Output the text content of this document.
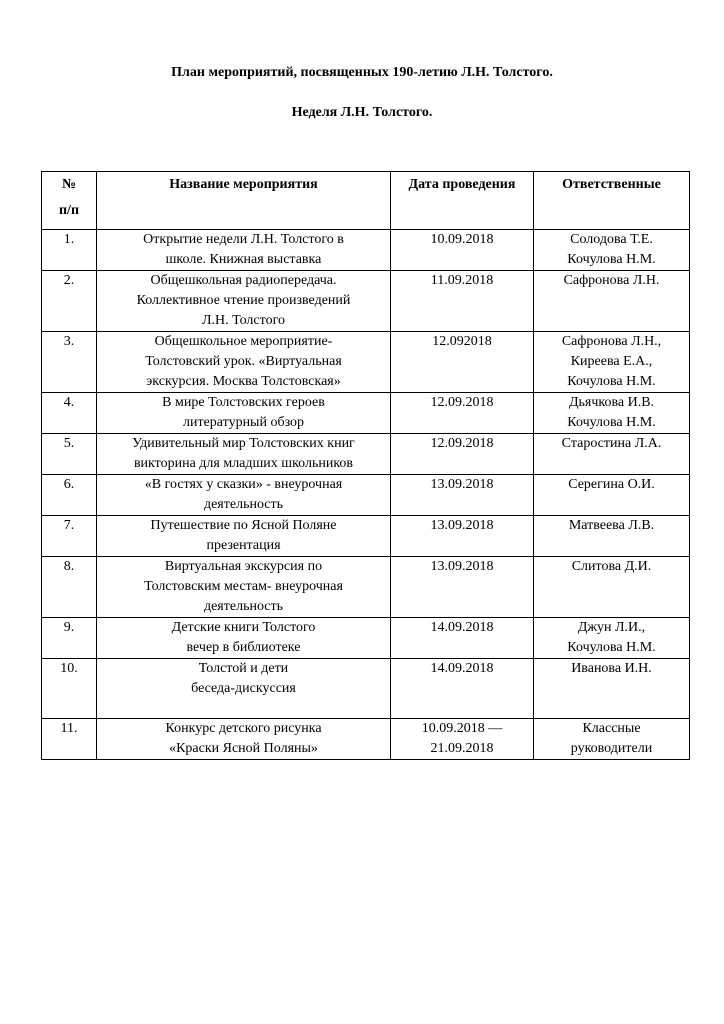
План мероприятий, посвященных 190-летию Л.Н. Толстого.

Неделя Л.Н. Толстого.

№
п/п	Название мероприятия	Дата проведения	Ответственные
1.	Открытие недели Л.Н. Толстого в
школе. Книжная выставка	10.09.2018	Солодова Т.Е.
Кочулова Н.М.

2.	Общешкольная радиопередача.
Коллективное чтение произведений
Л.Н. Толстого	11.09.2018	Сафронова Л.Н.

3.	Общешкольное мероприятие-
Толстовский урок. «Виртуальная
экскурсия. Москва Толстовская»	12.092018	Сафронова Л.Н.,
Киреева Е.А.,
Кочулова Н.М.

4.	В мире Толстовских героев
литературный обзор	12.09.2018	Дьячкова И.В.
Кочулова Н.М.

5.	Удивительный мир Толстовских книг
викторина для младших школьников	12.09.2018	Старостина Л.А.

6.	«В гостях у сказки» - внеурочная
деятельность	13.09.2018	Серегина О.И.

7.	Путешествие по Ясной Поляне
презентация	13.09.2018	Матвеева Л.В.

8.	Виртуальная экскурсия по
Толстовским местам- внеурочная
деятельность	13.09.2018	Слитова Д.И.

9.	Детские книги Толстого
вечер в библиотеке	14.09.2018	Джун Л.И.,
Кочулова Н.М.

10.	Толстой и дети
беседа-дискуссия	14.09.2018	Иванова И.Н.

11.	Конкурс детского рисунка
«Краски Ясной Поляны»	10.09.2018 —
21.09.2018	Классные
руководители
